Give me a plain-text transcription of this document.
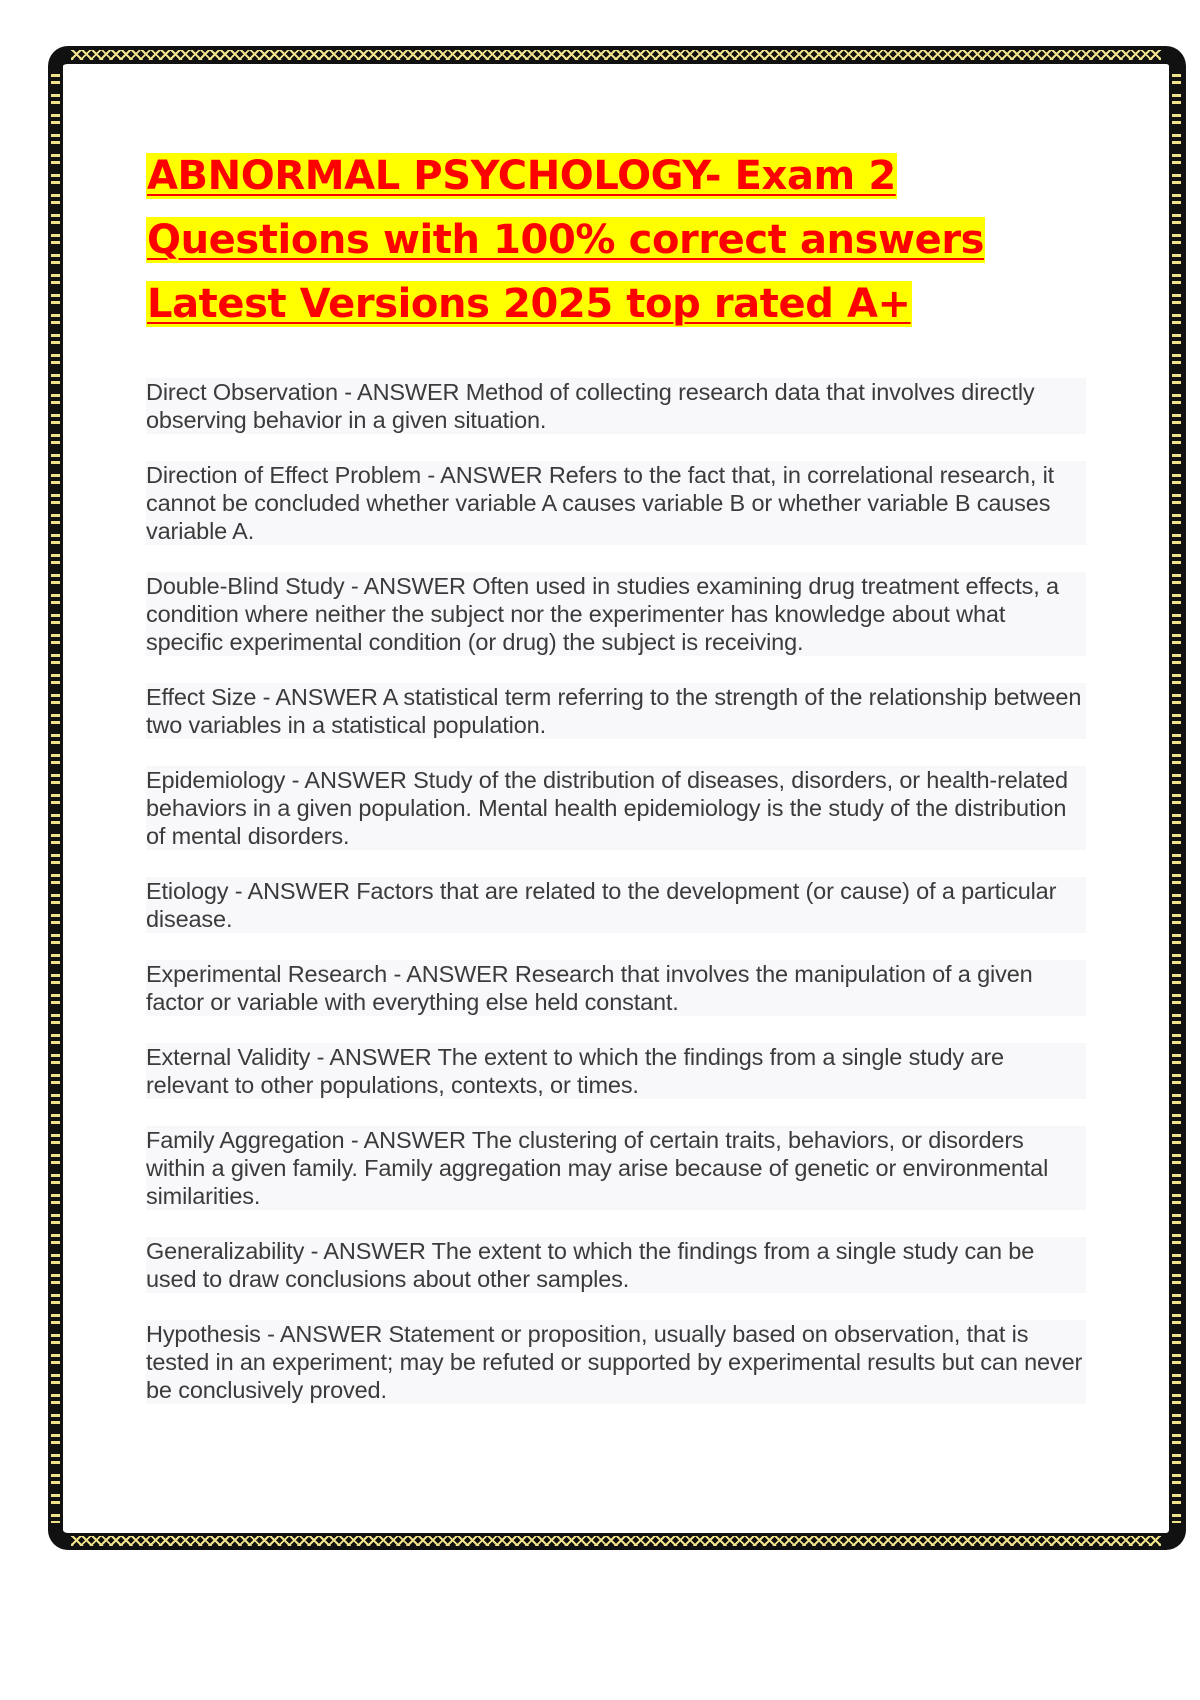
ABNORMAL PSYCHOLOGY- Exam 2 Questions with 100% correct answers Latest Versions 2025 top rated A+

Direct Observation - ANSWER Method of collecting research data that involves directly observing behavior in a given situation.

Direction of Effect Problem - ANSWER Refers to the fact that, in correlational research, it cannot be concluded whether variable A causes variable B or whether variable B causes variable A.

Double-Blind Study - ANSWER Often used in studies examining drug treatment effects, a condition where neither the subject nor the experimenter has knowledge about what specific experimental condition (or drug) the subject is receiving.

Effect Size - ANSWER A statistical term referring to the strength of the relationship between two variables in a statistical population.

Epidemiology - ANSWER Study of the distribution of diseases, disorders, or health-related behaviors in a given population. Mental health epidemiology is the study of the distribution of mental disorders.

Etiology - ANSWER Factors that are related to the development (or cause) of a particular disease.

Experimental Research - ANSWER Research that involves the manipulation of a given factor or variable with everything else held constant.

External Validity - ANSWER The extent to which the findings from a single study are relevant to other populations, contexts, or times.

Family Aggregation - ANSWER The clustering of certain traits, behaviors, or disorders within a given family. Family aggregation may arise because of genetic or environmental similarities.

Generalizability - ANSWER The extent to which the findings from a single study can be used to draw conclusions about other samples.

Hypothesis - ANSWER Statement or proposition, usually based on observation, that is tested in an experiment; may be refuted or supported by experimental results but can never be conclusively proved.
